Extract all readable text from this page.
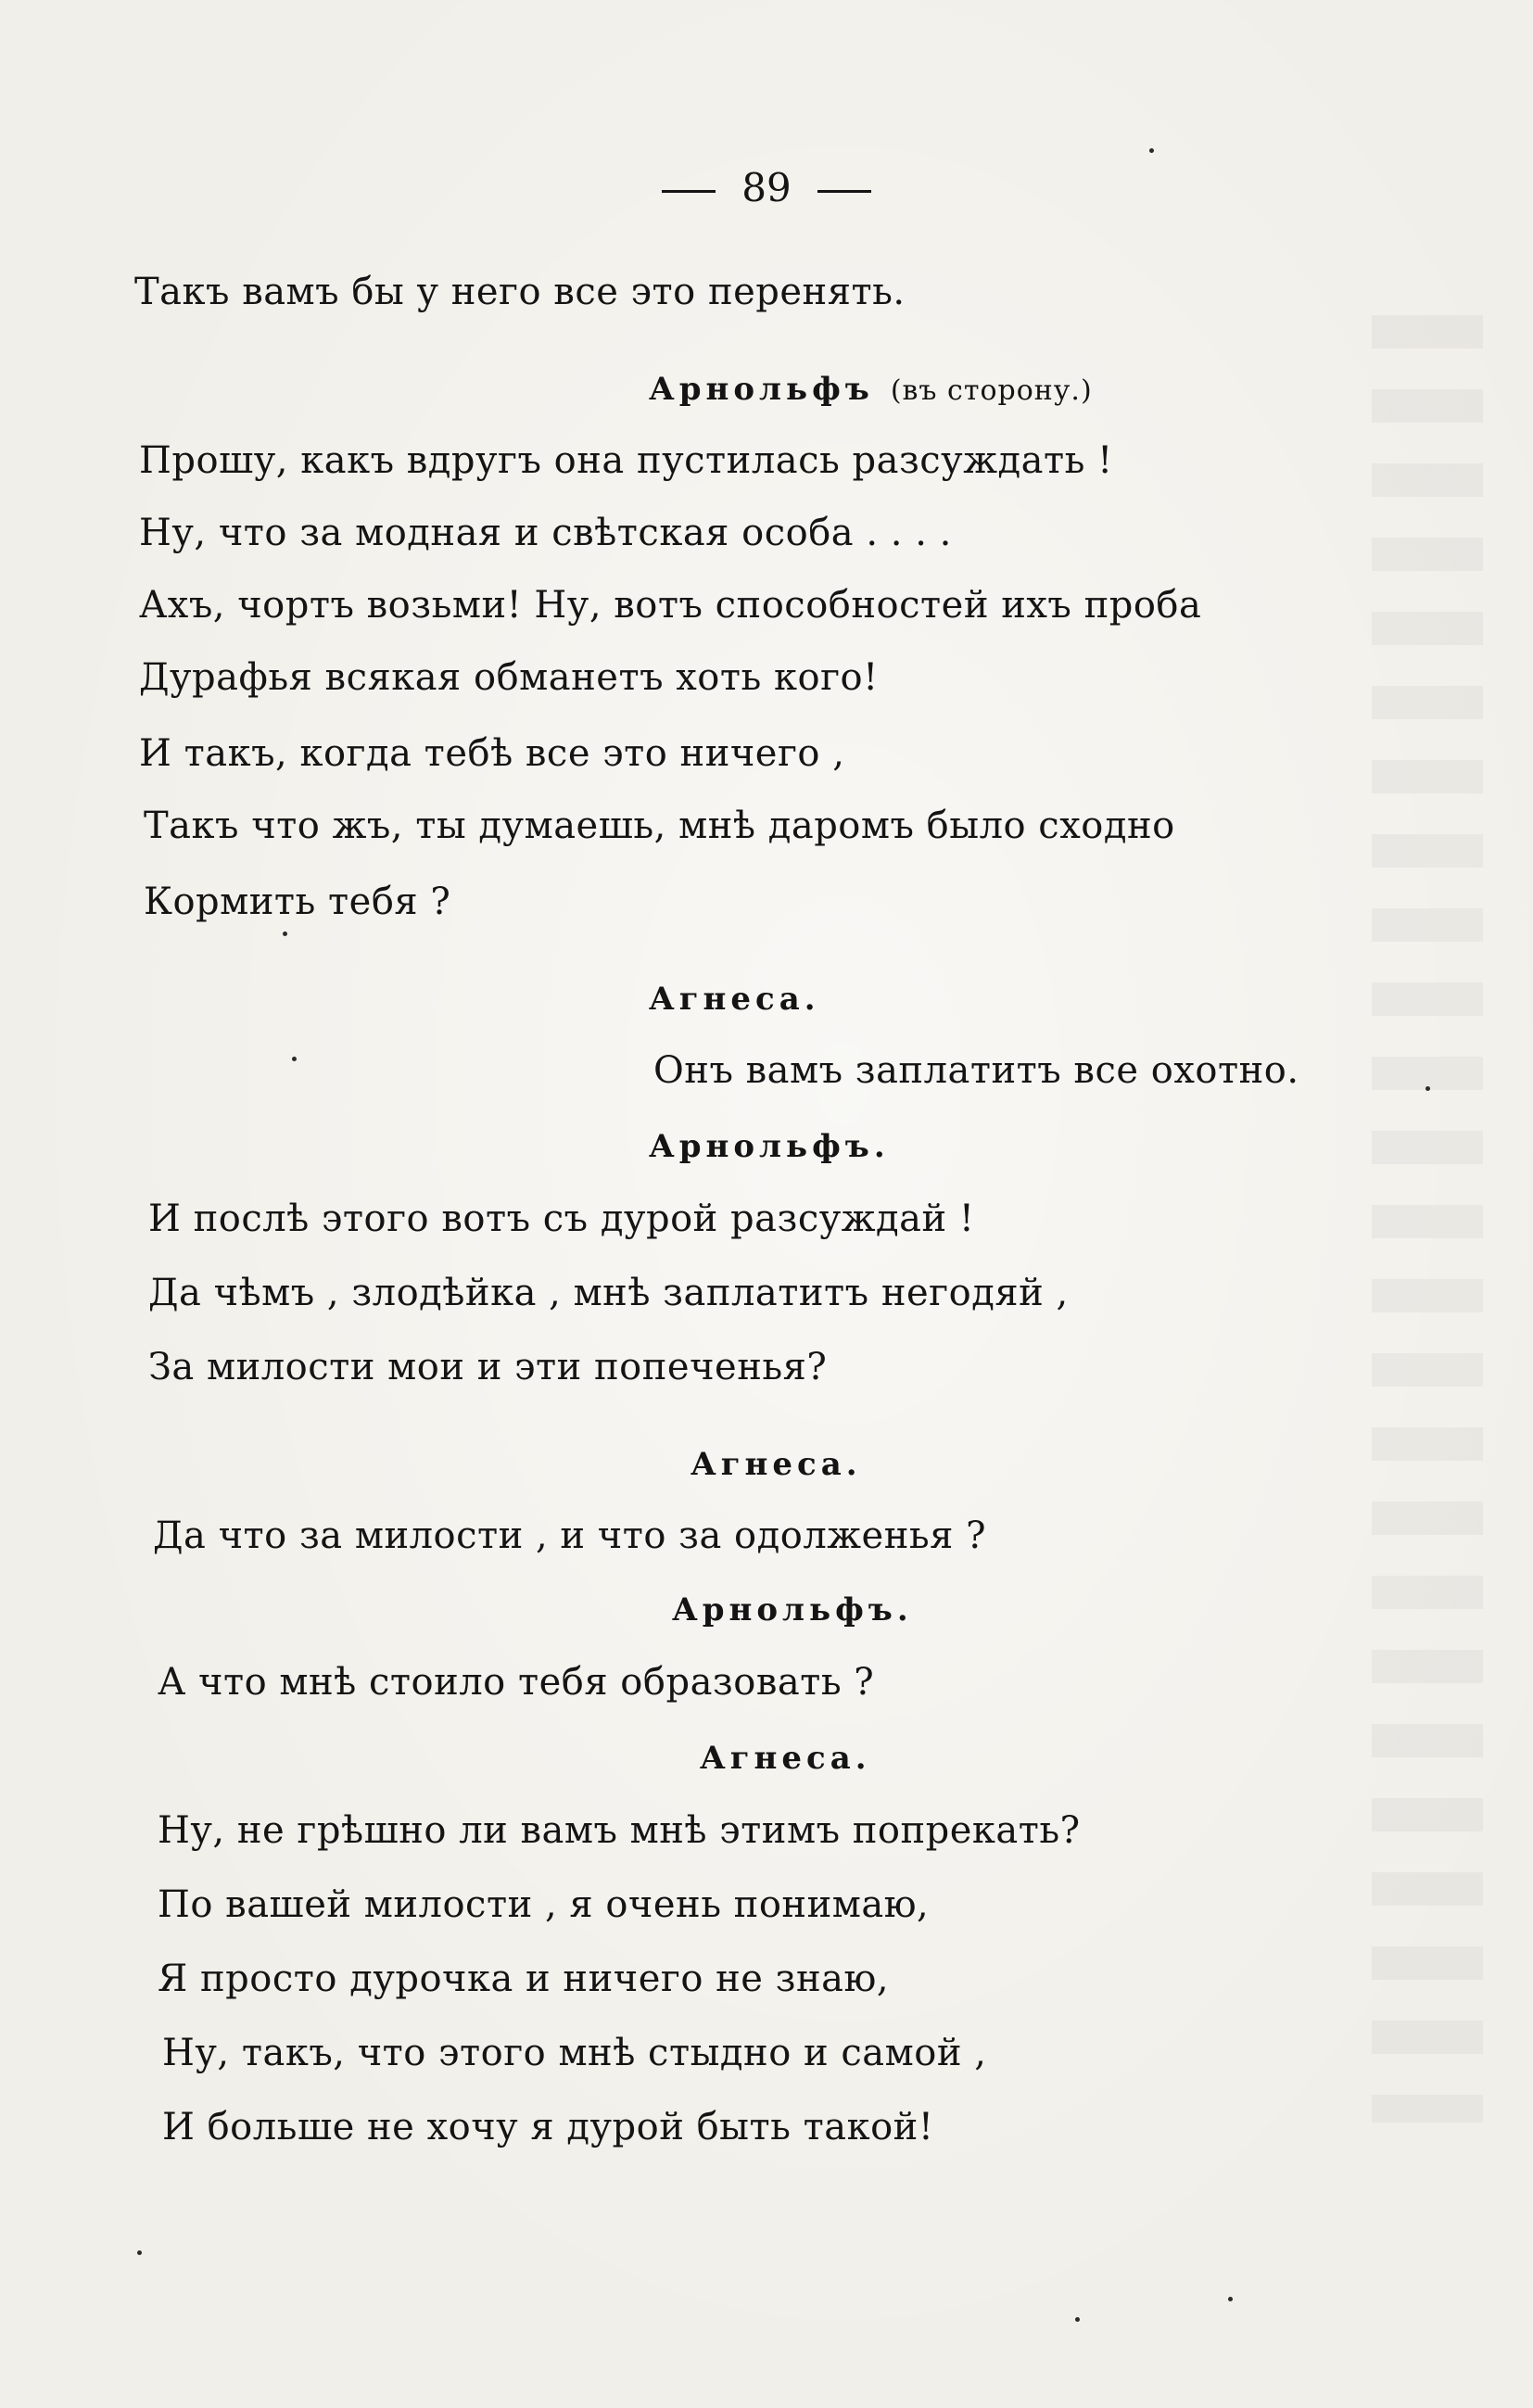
89
Такъ вамъ бы у него все это перенять.
Арнольфъ (въ сторону.)
Прошу, какъ вдругъ она пустилась разсуждать !
Ну, что за модная и свѣтская особа . . . .
Ахъ, чортъ возьми! Ну, вотъ способностей ихъ проба
Дурафья всякая обманетъ хоть кого!
И такъ, когда тебѣ все это ничего ,
Такъ что жъ, ты думаешь, мнѣ даромъ было сходно
Кормить тебя ?
Агнеса.
Онъ вамъ заплатитъ все охотно.
Арнольфъ.
И послѣ этого вотъ съ дурой разсуждай !
Да чѣмъ , злодѣйка , мнѣ заплатитъ негодяй ,
За милости мои и эти попеченья?
Агнеса.
Да что за милости , и что за одолженья ?
Арнольфъ.
А что мнѣ стоило тебя образовать ?
Агнеса.
Ну, не грѣшно ли вамъ мнѣ этимъ попрекать?
По вашей милости , я очень понимаю,
Я просто дурочка и ничего не знаю,
Ну, такъ, что этого мнѣ стыдно и самой ,
И больше не хочу я дурой быть такой!
